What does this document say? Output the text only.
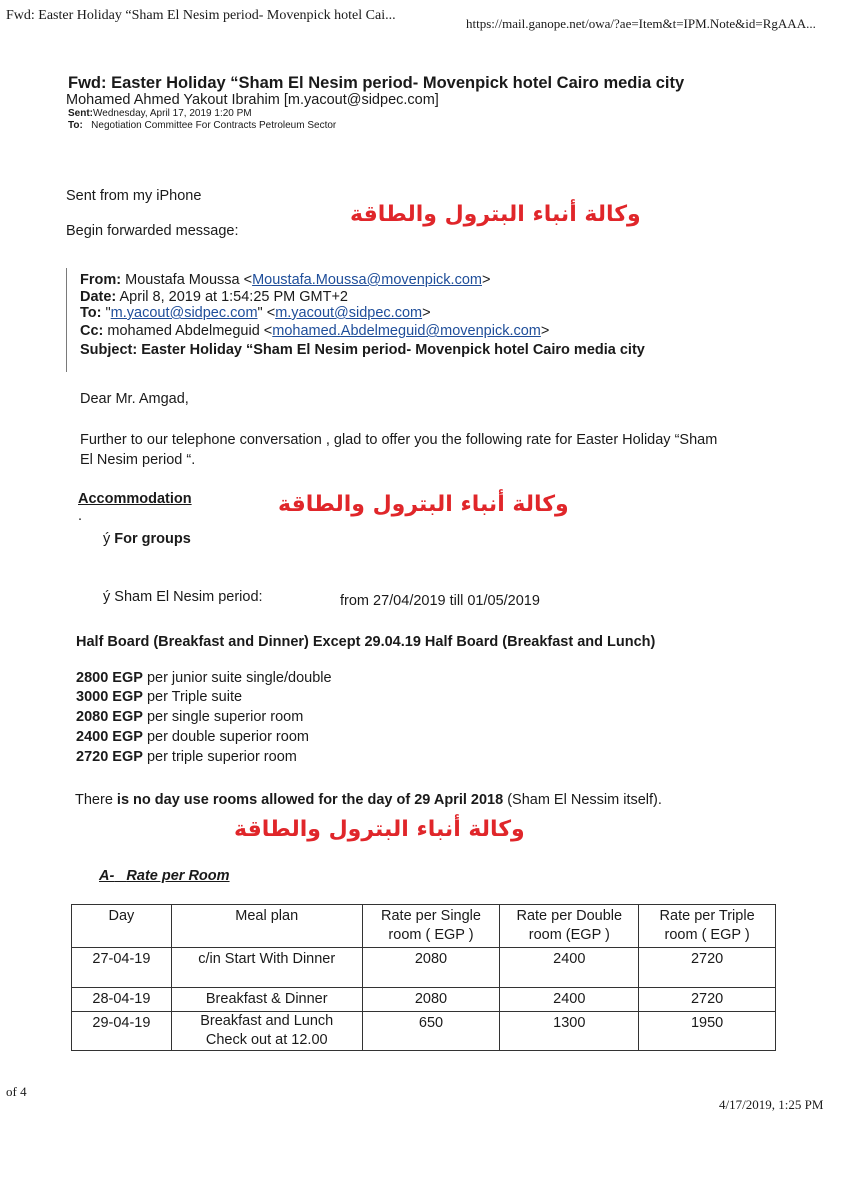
Fwd: Easter Holiday “Sham El Nesim period- Movenpick hotel Cai...
https://mail.ganope.net/owa/?ae=Item&t=IPM.Note&id=RgAAA...
Fwd: Easter Holiday “Sham El Nesim period- Movenpick hotel Cairo media city
Mohamed Ahmed Yakout Ibrahim [m.yacout@sidpec.com]
Sent:Wednesday, April 17, 2019 1:20 PM
To: Negotiation Committee For Contracts Petroleum Sector
Sent from my iPhone
Begin forwarded message:
وكالة أنباء البترول والطاقة
From: Moustafa Moussa <Moustafa.Moussa@movenpick.com>
Date: April 8, 2019 at 1:54:25 PM GMT+2
To: "m.yacout@sidpec.com" <m.yacout@sidpec.com>
Cc: mohamed Abdelmeguid <mohamed.Abdelmeguid@movenpick.com>
Subject: Easter Holiday “Sham El Nesim period- Movenpick hotel Cairo media city
Dear Mr. Amgad,
Further to our telephone conversation , glad to offer you the following rate for Easter Holiday “Sham
El Nesim period “.
Accommodation
.	وكالة أنباء البترول والطاقة
ý For groups
ý Sham El Nesim period:	from 27/04/2019 till 01/05/2019
Half Board (Breakfast and Dinner) Except 29.04.19 Half Board (Breakfast and Lunch)
2800 EGP per junior suite single/double
3000 EGP per Triple suite
2080 EGP per single superior room
2400 EGP per double superior room
2720 EGP per triple superior room
There is no day use rooms allowed for the day of 29 April 2018 (Sham El Nessim itself).
وكالة أنباء البترول والطاقة
A- Rate per Room
Day	Meal plan	Rate per Single room ( EGP )	Rate per Double room (EGP )	Rate per Triple room ( EGP )
27-04-19	c/in Start With Dinner	2080	2400	2720
28-04-19	Breakfast & Dinner	2080	2400	2720
29-04-19	Breakfast and Lunch Check out at 12.00	650	1300	1950
of 4
4/17/2019, 1:25 PM
